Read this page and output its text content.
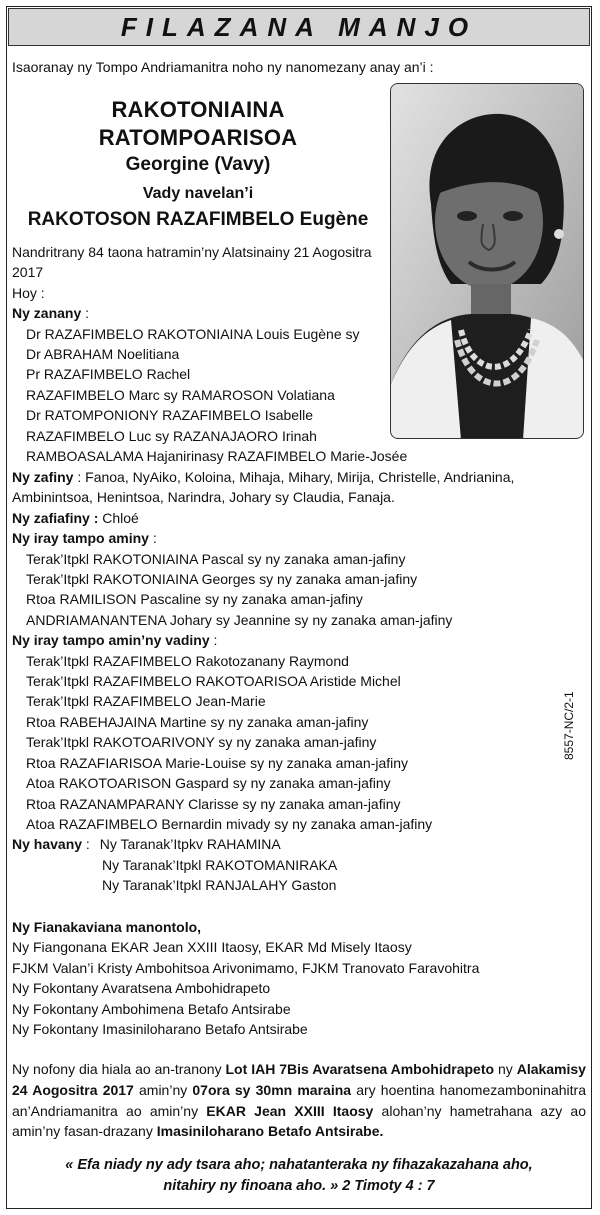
FILAZANA MANJO
Isaoranay ny Tompo Andriamanitra noho ny nanomezany anay an’i :
RAKOTONIAINA RATOMPOARISOA
Georgine (Vavy)
Vady navelan’i
RAKOTOSON RAZAFIMBELO Eugène
Nandritrany 84 taona hatramin’ny Alatsinainy 21 Aogositra
2017
Hoy :
Ny zanany :
Dr RAZAFIMBELO RAKOTONIAINA Louis Eugène sy
Dr ABRAHAM Noelitiana
Pr RAZAFIMBELO Rachel
RAZAFIMBELO Marc sy RAMAROSON Volatiana
Dr RATOMPONIONY RAZAFIMBELO Isabelle
RAZAFIMBELO Luc sy RAZANAJAORO Irinah
RAMBOASALAMA Hajanirinasy RAZAFIMBELO Marie-Josée
Ny zafiny : Fanoa, NyAiko, Koloina, Mihaja, Mihary, Mirija, Christelle, Andrianina,
Ambinintsoa, Henintsoa, Narindra, Johary sy Claudia, Fanaja.
Ny zafiafiny : Chloé
Ny iray tampo aminy :
Terak’Itpkl RAKOTONIAINA Pascal sy ny zanaka aman-jafiny
Terak’Itpkl RAKOTONIAINA Georges sy ny zanaka aman-jafiny
Rtoa RAMILISON Pascaline sy ny zanaka aman-jafiny
ANDRIAMANANTENA Johary sy Jeannine sy ny zanaka aman-jafiny
Ny iray tampo amin’ny vadiny :
Terak’Itpkl RAZAFIMBELO Rakotozanany Raymond
Terak’Itpkl RAZAFIMBELO RAKOTOARISOA Aristide Michel
Terak’Itpkl RAZAFIMBELO Jean-Marie
Rtoa RABEHAJAINA Martine sy ny zanaka aman-jafiny
Terak’Itpkl RAKOTOARIVONY sy ny zanaka aman-jafiny
Rtoa RAZAFIARISOA Marie-Louise sy ny zanaka aman-jafiny
Atoa RAKOTOARISON Gaspard sy ny zanaka aman-jafiny
Rtoa RAZANAMPARANY Clarisse sy ny zanaka aman-jafiny
Atoa RAZAFIMBELO Bernardin mivady sy ny zanaka aman-jafiny
Ny havany : Ny Taranak’Itpkv RAHAMINA
Ny Taranak’Itpkl RAKOTOMANIRAKA
Ny Taranak’Itpkl RANJALAHY Gaston
Ny Fianakaviana manontolo,
Ny Fiangonana EKAR Jean XXIII Itaosy, EKAR Md Misely Itaosy
FJKM Valan’i Kristy Ambohitsoa Arivonimamo, FJKM Tranovato Faravohitra
Ny Fokontany Avaratsena Ambohidrapeto
Ny Fokontany Ambohimena Betafo Antsirabe
Ny Fokontany Imasiniloharano Betafo Antsirabe
Ny nofony dia hiala ao an-tranony Lot IAH 7Bis Avaratsena Ambohidrapeto ny Alakamisy 24 Aogositra 2017 amin’ny 07ora sy 30mn maraina ary hoentina hanomezamboninahitra an’Andriamanitra ao amin’ny EKAR Jean XXIII Itaosy alohan’ny hametrahana azy ao amin’ny fasan-drazany Imasiniloharano Betafo Antsirabe.
« Efa niady ny ady tsara aho; nahatanteraka ny fihazakazahana aho,
nitahiry ny finoana aho. » 2 Timoty 4 : 7
8557-NC/2-1
